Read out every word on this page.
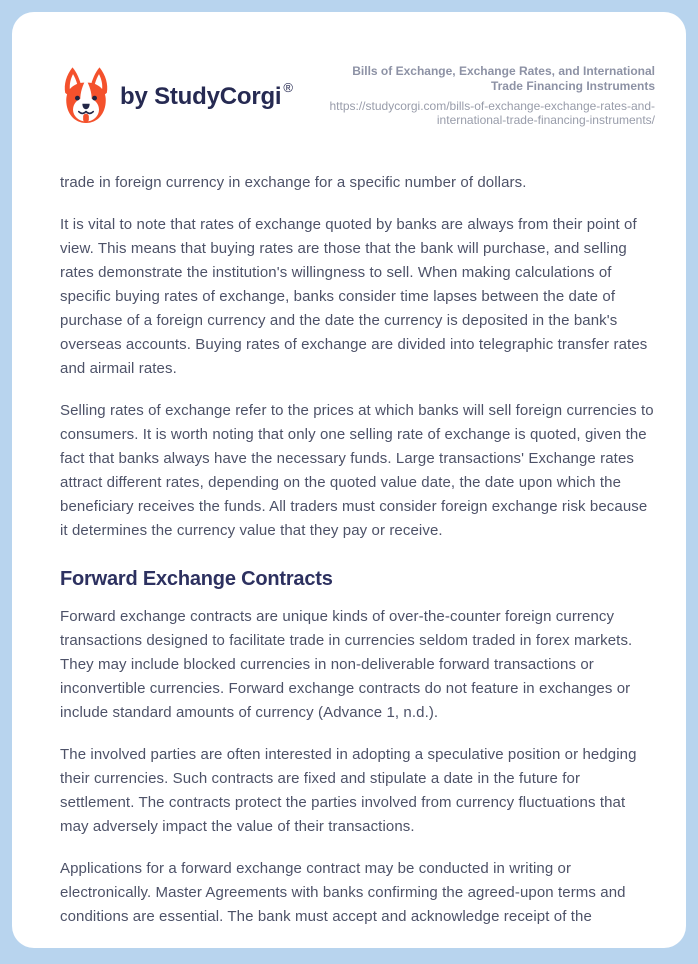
by StudyCorgi ®
Bills of Exchange, Exchange Rates, and International Trade Financing Instruments
https://studycorgi.com/bills-of-exchange-exchange-rates-and-international-trade-financing-instruments/

trade in foreign currency in exchange for a specific number of dollars.

It is vital to note that rates of exchange quoted by banks are always from their point of view. This means that buying rates are those that the bank will purchase, and selling rates demonstrate the institution's willingness to sell. When making calculations of specific buying rates of exchange, banks consider time lapses between the date of purchase of a foreign currency and the date the currency is deposited in the bank's overseas accounts. Buying rates of exchange are divided into telegraphic transfer rates and airmail rates.

Selling rates of exchange refer to the prices at which banks will sell foreign currencies to consumers. It is worth noting that only one selling rate of exchange is quoted, given the fact that banks always have the necessary funds. Large transactions' Exchange rates attract different rates, depending on the quoted value date, the date upon which the beneficiary receives the funds. All traders must consider foreign exchange risk because it determines the currency value that they pay or receive.

Forward Exchange Contracts

Forward exchange contracts are unique kinds of over-the-counter foreign currency transactions designed to facilitate trade in currencies seldom traded in forex markets. They may include blocked currencies in non-deliverable forward transactions or inconvertible currencies. Forward exchange contracts do not feature in exchanges or include standard amounts of currency (Advance 1, n.d.).

The involved parties are often interested in adopting a speculative position or hedging their currencies. Such contracts are fixed and stipulate a date in the future for settlement. The contracts protect the parties involved from currency fluctuations that may adversely impact the value of their transactions.

Applications for a forward exchange contract may be conducted in writing or electronically. Master Agreements with banks confirming the agreed-upon terms and conditions are essential. The bank must accept and acknowledge receipt of the
